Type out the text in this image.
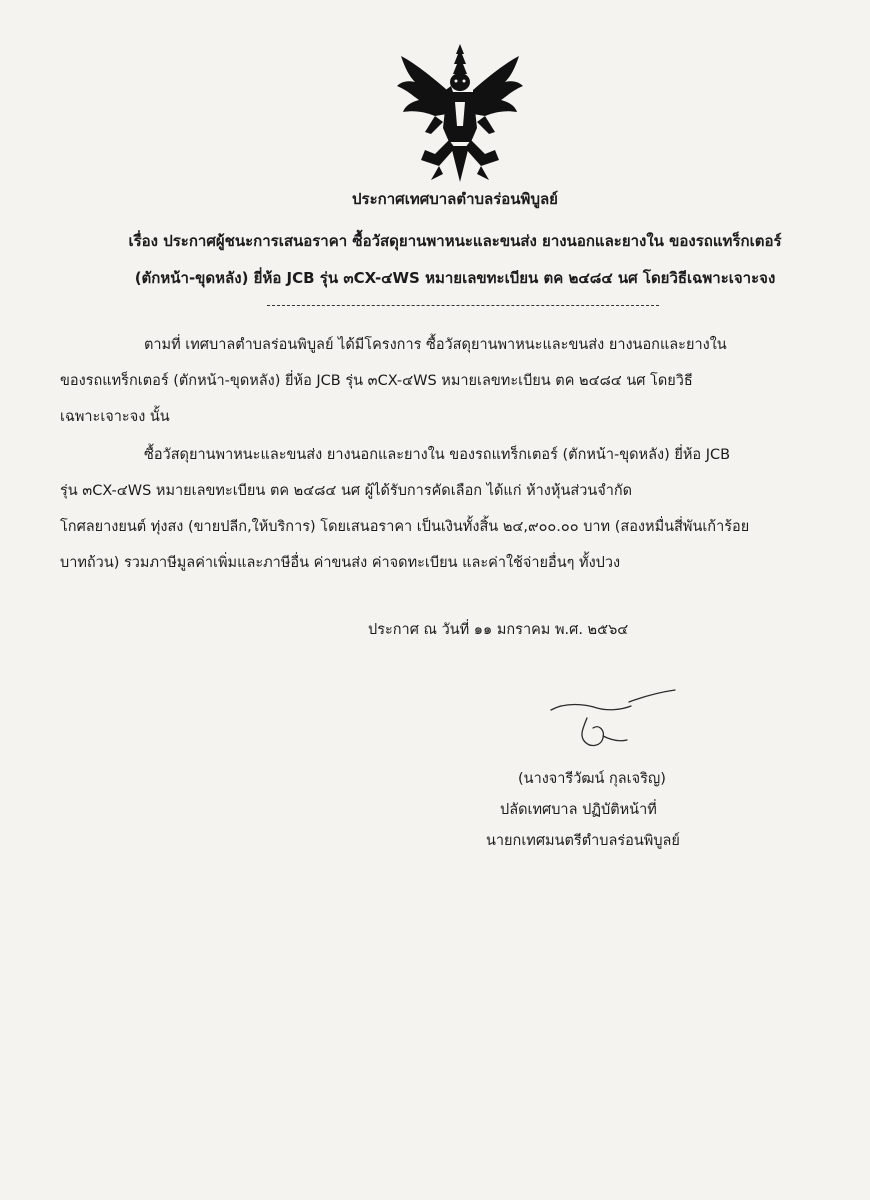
ประกาศเทศบาลตำบลร่อนพิบูลย์
เรื่อง ประกาศผู้ชนะการเสนอราคา ซื้อวัสดุยานพาหนะและขนส่ง ยางนอกและยางใน ของรถแทร็กเตอร์
(ตักหน้า-ขุดหลัง) ยี่ห้อ JCB รุ่น ๓CX-๔WS หมายเลขทะเบียน ตค ๒๔๘๔ นศ โดยวิธีเฉพาะเจาะจง
ตามที่ เทศบาลตำบลร่อนพิบูลย์ ได้มีโครงการ ซื้อวัสดุยานพาหนะและขนส่ง ยางนอกและยางใน
ของรถแทร็กเตอร์ (ตักหน้า-ขุดหลัง) ยี่ห้อ JCB รุ่น ๓CX-๔WS หมายเลขทะเบียน ตค ๒๔๘๔ นศ โดยวิธี
เฉพาะเจาะจง นั้น
ซื้อวัสดุยานพาหนะและขนส่ง ยางนอกและยางใน ของรถแทร็กเตอร์ (ตักหน้า-ขุดหลัง) ยี่ห้อ JCB
รุ่น ๓CX-๔WS หมายเลขทะเบียน ตค ๒๔๘๔ นศ ผู้ได้รับการคัดเลือก ได้แก่ ห้างหุ้นส่วนจำกัด
โกศลยางยนต์ ทุ่งสง (ขายปลีก,ให้บริการ) โดยเสนอราคา เป็นเงินทั้งสิ้น ๒๔,๙๐๐.๐๐ บาท (สองหมื่นสี่พันเก้าร้อย
บาทถ้วน) รวมภาษีมูลค่าเพิ่มและภาษีอื่น ค่าขนส่ง ค่าจดทะเบียน และค่าใช้จ่ายอื่นๆ ทั้งปวง
ประกาศ ณ วันที่ ๑๑ มกราคม พ.ศ. ๒๕๖๔
(นางจารีวัฒน์ กุลเจริญ)
ปลัดเทศบาล ปฏิบัติหน้าที่
นายกเทศมนตรีตำบลร่อนพิบูลย์
